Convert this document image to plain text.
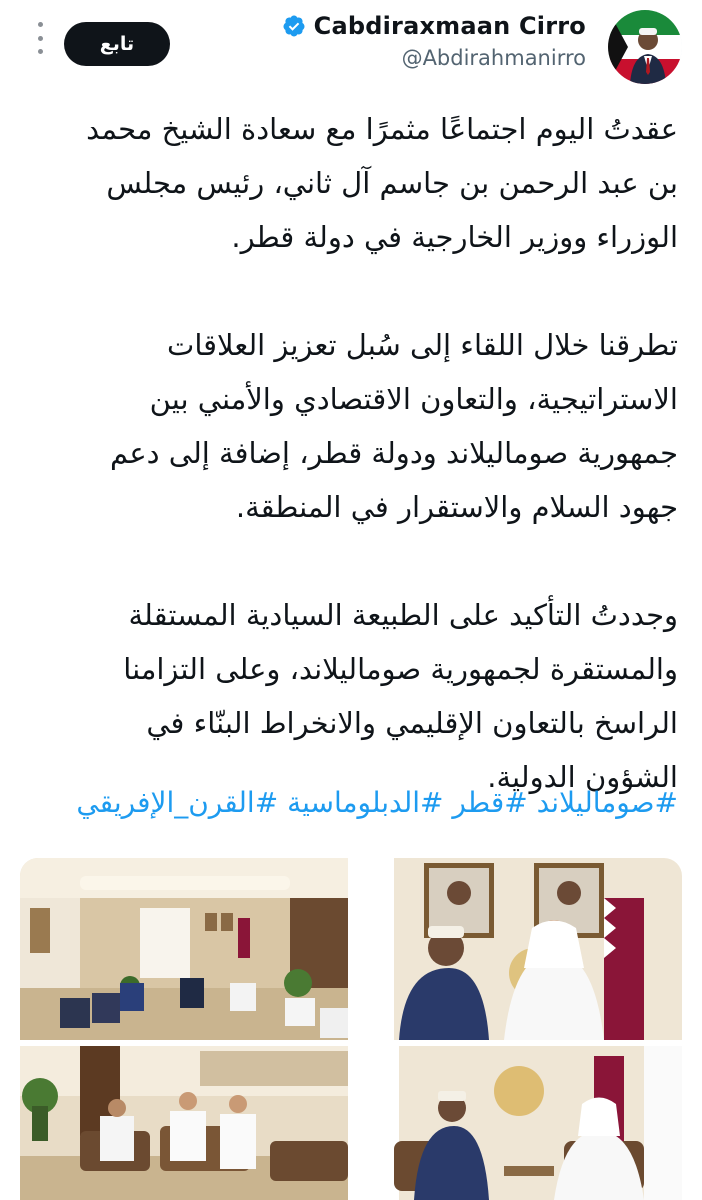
تابع
Cabdiraxmaan Cirro
@Abdirahmanirro

عقدتُ اليوم اجتماعًا مثمرًا مع سعادة الشيخ محمد

بن عبد الرحمن بن جاسم آل ثاني، رئيس مجلس

الوزراء ووزير الخارجية في دولة قطر.

تطرقنا خلال اللقاء إلى سُبل تعزيز العلاقات

الاستراتيجية، والتعاون الاقتصادي والأمني بين

جمهورية صوماليلاند ودولة قطر، إضافة إلى دعم

جهود السلام والاستقرار في المنطقة.

وجددتُ التأكيد على الطبيعة السيادية المستقلة

والمستقرة لجمهورية صوماليلاند، وعلى التزامنا

الراسخ بالتعاون الإقليمي والانخراط البنّاء في

الشؤون الدولية.

#صوماليلاند #قطر #الدبلوماسية #القرن_الإفريقي
